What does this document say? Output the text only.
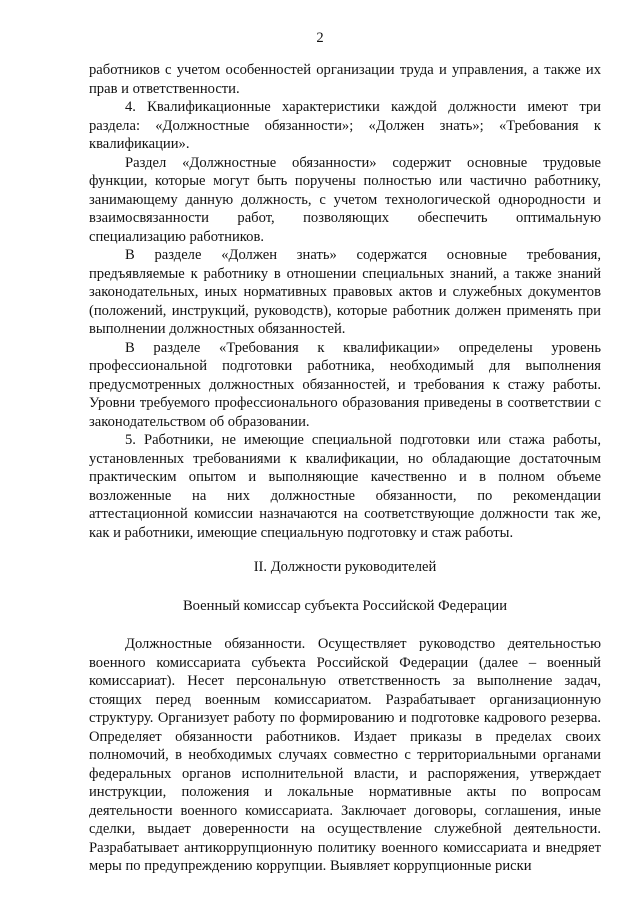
2

работников с учетом особенностей организации труда и управления, а также их прав и ответственности.

4. Квалификационные характеристики каждой должности имеют три раздела: «Должностные обязанности»; «Должен знать»; «Требования к квалификации».

Раздел «Должностные обязанности» содержит основные трудовые функции, которые могут быть поручены полностью или частично работнику, занимающему данную должность, с учетом технологической однородности и взаимосвязанности работ, позволяющих обеспечить оптимальную специализацию работников.

В разделе «Должен знать» содержатся основные требования, предъявляемые к работнику в отношении специальных знаний, а также знаний законодательных, иных нормативных правовых актов и служебных документов (положений, инструкций, руководств), которые работник должен применять при выполнении должностных обязанностей.

В разделе «Требования к квалификации» определены уровень профессиональной подготовки работника, необходимый для выполнения предусмотренных должностных обязанностей, и требования к стажу работы. Уровни требуемого профессионального образования приведены в соответствии с законодательством об образовании.

5. Работники, не имеющие специальной подготовки или стажа работы, установленных требованиями к квалификации, но обладающие достаточным практическим опытом и выполняющие качественно и в полном объеме возложенные на них должностные обязанности, по рекомендации аттестационной комиссии назначаются на соответствующие должности так же, как и работники, имеющие специальную подготовку и стаж работы.

II. Должности руководителей

Военный комиссар субъекта Российской Федерации

Должностные обязанности. Осуществляет руководство деятельностью военного комиссариата субъекта Российской Федерации (далее – военный комиссариат). Несет персональную ответственность за выполнение задач, стоящих перед военным комиссариатом. Разрабатывает организационную структуру. Организует работу по формированию и подготовке кадрового резерва. Определяет обязанности работников. Издает приказы в пределах своих полномочий, в необходимых случаях совместно с территориальными органами федеральных органов исполнительной власти, и распоряжения, утверждает инструкции, положения и локальные нормативные акты по вопросам деятельности военного комиссариата. Заключает договоры, соглашения, иные сделки, выдает доверенности на осуществление служебной деятельности. Разрабатывает антикоррупционную политику военного комиссариата и внедряет меры по предупреждению коррупции. Выявляет коррупционные риски
